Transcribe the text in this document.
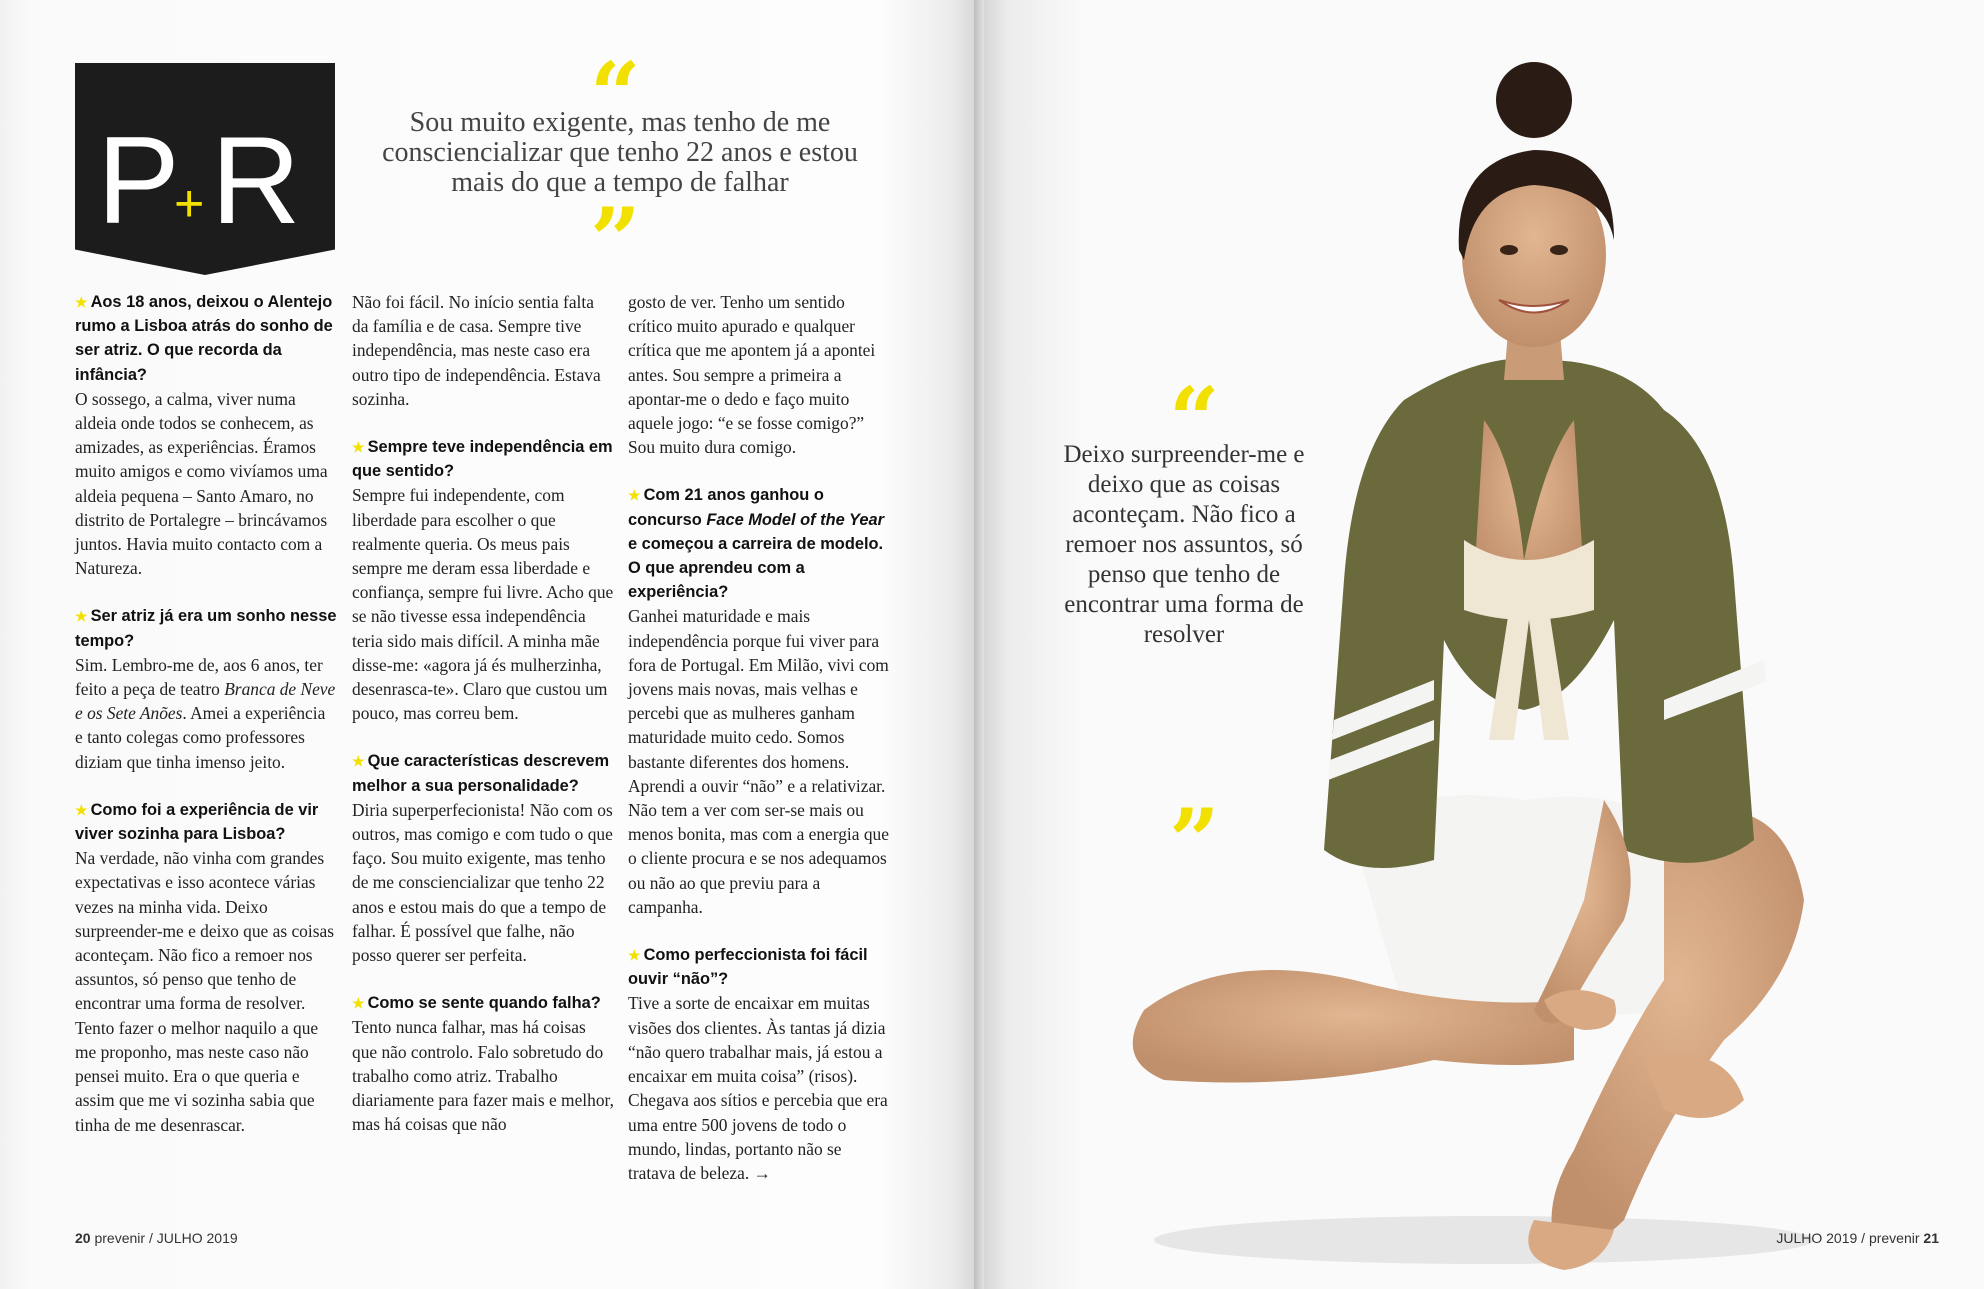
P
+ R
“
Sou muito exigente, mas tenho de me consciencializar que tenho 22 anos e estou mais do que a tempo de falhar
”

★ Aos 18 anos, deixou o Alentejo rumo a Lisboa atrás do sonho de ser atriz. O que recorda da infância?

O sossego, a calma, viver numa aldeia onde todos se conhecem, as amizades, as experiências. Éramos muito amigos e como vivíamos uma aldeia pequena – Santo Amaro, no distrito de Portalegre – brincávamos juntos. Havia muito contacto com a Natureza.

★ Ser atriz já era um sonho nesse tempo?

Sim. Lembro-me de, aos 6 anos, ter feito a peça de teatro Branca de Neve e os Sete Anões. Amei a experiência e tanto colegas como professores diziam que tinha imenso jeito.

★ Como foi a experiência de vir viver sozinha para Lisboa?

Na verdade, não vinha com grandes expectativas e isso acontece várias vezes na minha vida. Deixo surpreender-me e deixo que as coisas aconteçam. Não fico a remoer nos assuntos, só penso que tenho de encontrar uma forma de resolver. Tento fazer o melhor naquilo a que me proponho, mas neste caso não pensei muito. Era o que queria e assim que me vi sozinha sabia que tinha de me desenrascar.

Não foi fácil. No início sentia falta da família e de casa. Sempre tive independência, mas neste caso era outro tipo de independência. Estava sozinha.

★ Sempre teve independência em que sentido?

Sempre fui independente, com liberdade para escolher o que realmente queria. Os meus pais sempre me deram essa liberdade e confiança, sempre fui livre. Acho que se não tivesse essa independência teria sido mais difícil. A minha mãe disse-me: «agora já és mulherzinha, desenrasca-te». Claro que custou um pouco, mas correu bem.

★ Que características descrevem melhor a sua personalidade?

Diria superperfecionista! Não com os outros, mas comigo e com tudo o que faço. Sou muito exigente, mas tenho de me consciencializar que tenho 22 anos e estou mais do que a tempo de falhar. É possível que falhe, não posso querer ser perfeita.

★ Como se sente quando falha?

Tento nunca falhar, mas há coisas que não controlo. Falo sobretudo do trabalho como atriz. Trabalho diariamente para fazer mais e melhor, mas há coisas que não

gosto de ver. Tenho um sentido crítico muito apurado e qualquer crítica que me apontem já a apontei antes. Sou sempre a primeira a apontar-me o dedo e faço muito aquele jogo: “e se fosse comigo?” Sou muito dura comigo.

★ Com 21 anos ganhou o concurso Face Model of the Year e começou a carreira de modelo. O que aprendeu com a experiência?

Ganhei maturidade e mais independência porque fui viver para fora de Portugal. Em Milão, vivi com jovens mais novas, mais velhas e percebi que as mulheres ganham maturidade muito cedo. Somos bastante diferentes dos homens. Aprendi a ouvir “não” e a relativizar. Não tem a ver com ser-se mais ou menos bonita, mas com a energia que o cliente procura e se nos adequamos ou não ao que previu para a campanha.

★ Como perfeccionista foi fácil ouvir “não”?

Tive a sorte de encaixar em muitas visões dos clientes. Às tantas já dizia “não quero trabalhar mais, já estou a encaixar em muita coisa” (risos). Chegava aos sítios e percebia que era uma entre 500 jovens de todo o mundo, lindas, portanto não se tratava de beleza. →

20 prevenir / JULHO 2019
“
Deixo surpreender-me e deixo que as coisas aconteçam. Não fico a remoer nos assuntos, só penso que tenho de encontrar uma forma de resolver
”
JULHO 2019 / prevenir 21
